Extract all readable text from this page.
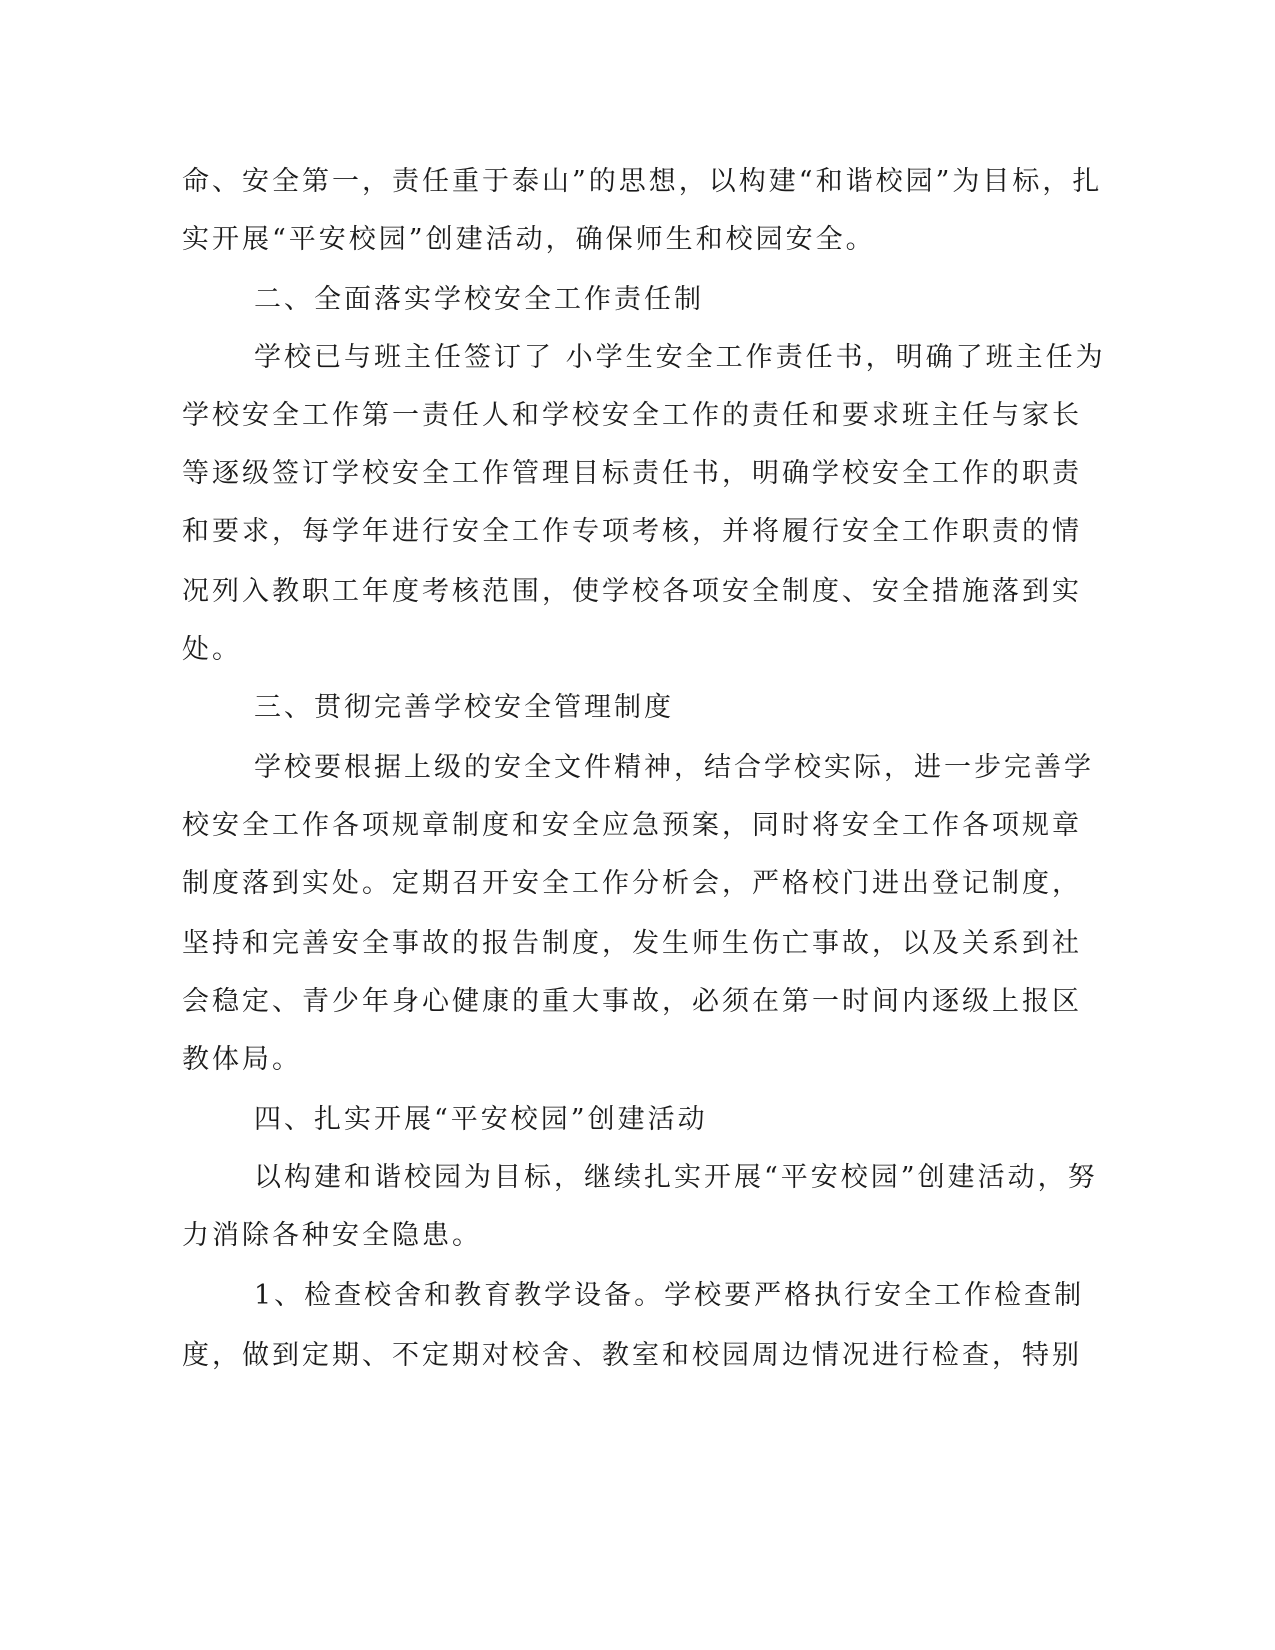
命、安全第一，责任重于泰山”的思想，以构建“和谐校园”为目标，扎

实开展“平安校园”创建活动，确保师生和校园安全。

二、全面落实学校安全工作责任制

学校已与班主任签订了 小学生安全工作责任书，明确了班主任为

学校安全工作第一责任人和学校安全工作的责任和要求班主任与家长

等逐级签订学校安全工作管理目标责任书，明确学校安全工作的职责

和要求，每学年进行安全工作专项考核，并将履行安全工作职责的情

况列入教职工年度考核范围，使学校各项安全制度、安全措施落到实

处。

三、贯彻完善学校安全管理制度

学校要根据上级的安全文件精神，结合学校实际，进一步完善学

校安全工作各项规章制度和安全应急预案，同时将安全工作各项规章

制度落到实处。定期召开安全工作分析会，严格校门进出登记制度，

坚持和完善安全事故的报告制度，发生师生伤亡事故，以及关系到社

会稳定、青少年身心健康的重大事故，必须在第一时间内逐级上报区

教体局。

四、扎实开展“平安校园”创建活动

以构建和谐校园为目标，继续扎实开展“平安校园”创建活动，努

力消除各种安全隐患。

1、检查校舍和教育教学设备。学校要严格执行安全工作检查制

度，做到定期、不定期对校舍、教室和校园周边情况进行检查，特别
